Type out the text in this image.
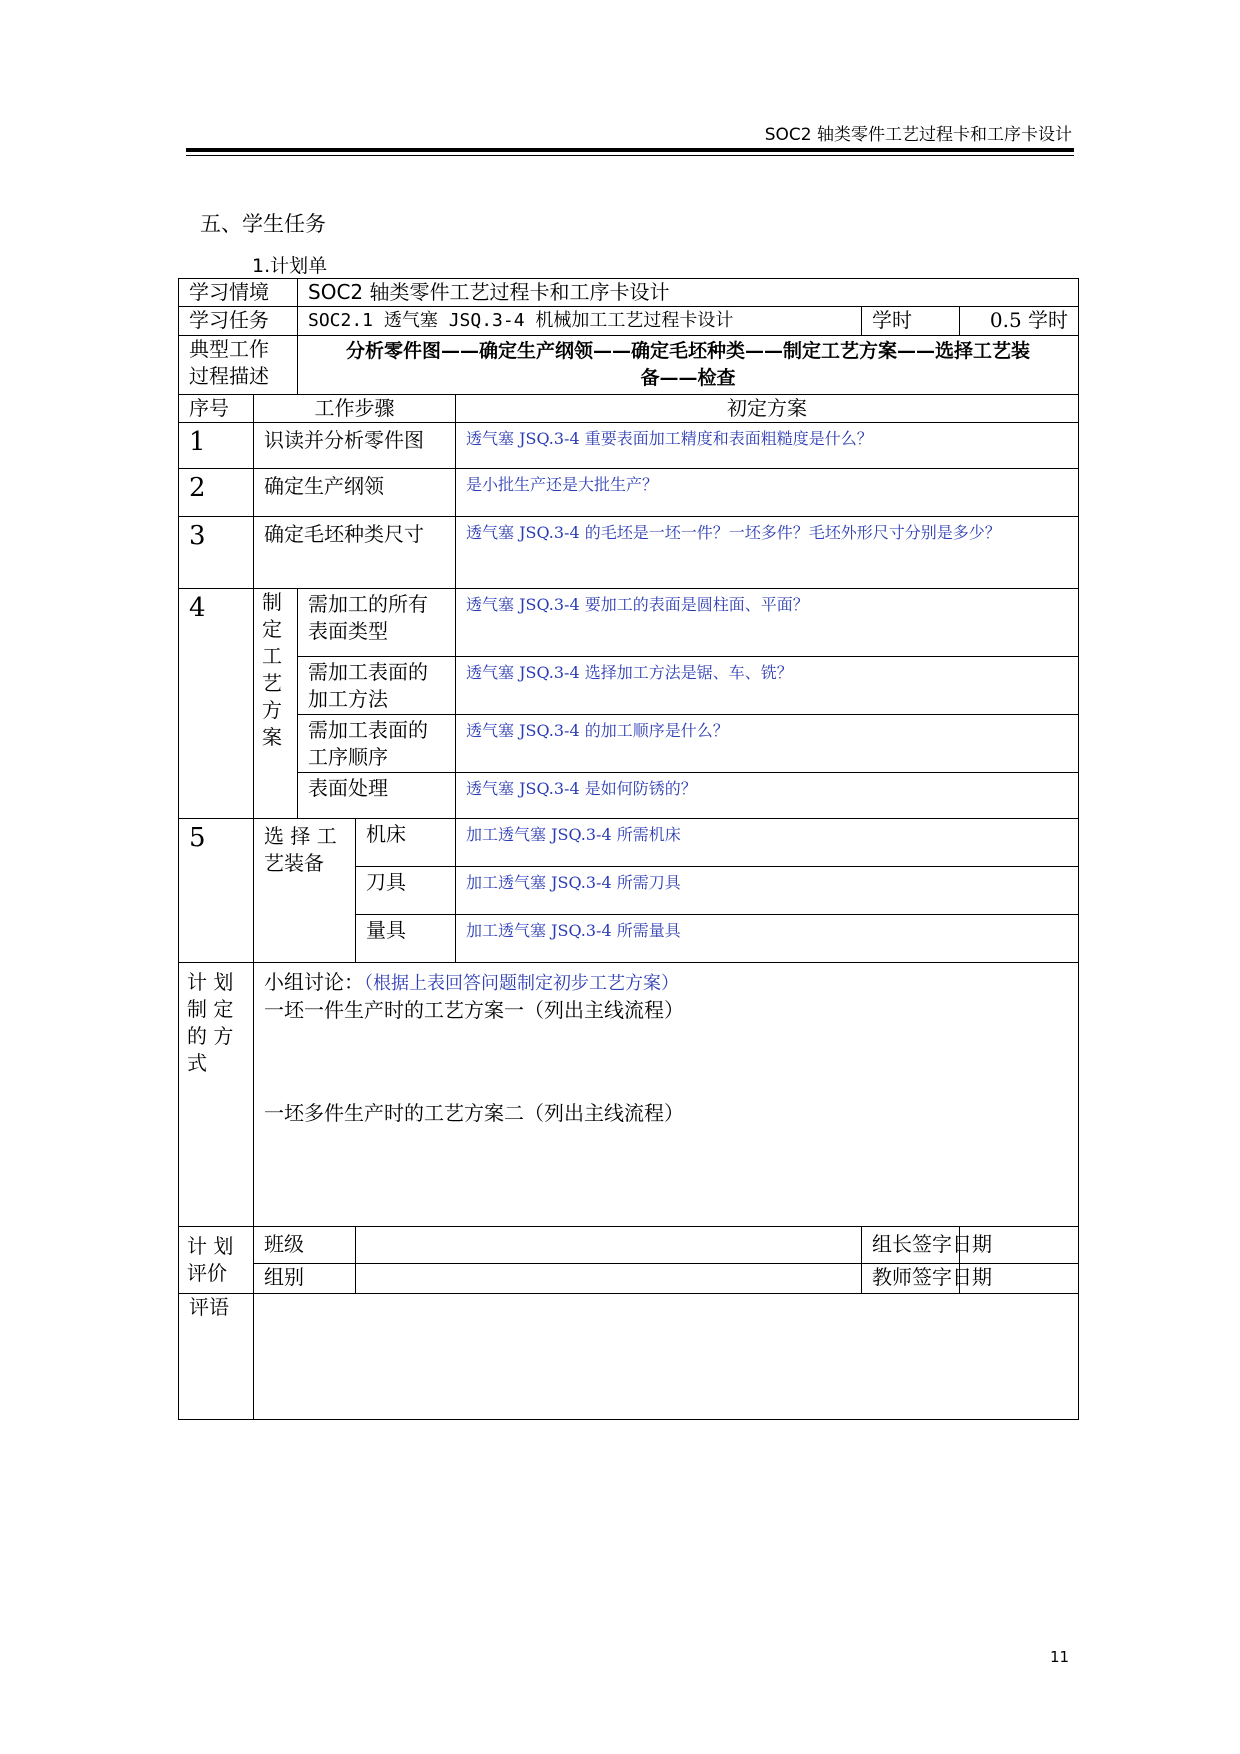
SOC2 轴类零件工艺过程卡和工序卡设计
五、学生任务
1.计划单
学习情境		SOC2 轴类零件工艺过程卡和工序卡设计				
学习任务		SOC2.1 透气塞 JSQ.3-4 机械加工工艺过程卡设计			学时	0.5 学时
典型工作过程描述		分析零件图——确定生产纲领——确定毛坯种类——制定工艺方案——选择工艺装备——检查				
序号	工作步骤			初定方案		
1	识读并分析零件图			透气塞 JSQ.3-4 重要表面加工精度和表面粗糙度是什么？		
2	确定生产纲领			是小批生产还是大批生产？		
3	确定毛坯种类尺寸			透气塞 JSQ.3-4 的毛坯是一坯一件？一坯多件？毛坯外形尺寸分别是多少？		
4	制定工艺方案	需加工的所有表面类型		透气塞 JSQ.3-4 要加工的表面是圆柱面、平面？		
		需加工表面的加工方法		透气塞 JSQ.3-4 选择加工方法是锯、车、铣？		
		需加工表面的工序顺序		透气塞 JSQ.3-4 的加工顺序是什么？		
		表面处理		透气塞 JSQ.3-4 是如何防锈的？		
5	选 择 工艺装备		机床	加工透气塞 JSQ.3-4 所需机床		
			刀具	加工透气塞 JSQ.3-4 所需刀具		
			量具	加工透气塞 JSQ.3-4 所需量具		
计 划 制 定 的 方 式	小组讨论：（根据上表回答问题制定初步工艺方案）
一坯一件生产时的工艺方案一（列出主线流程）
一坯多件生产时的工艺方案二（列出主线流程）					

计 划 评价	班级				组长签字日期	
	组别				教师签字日期	
评语						
11
